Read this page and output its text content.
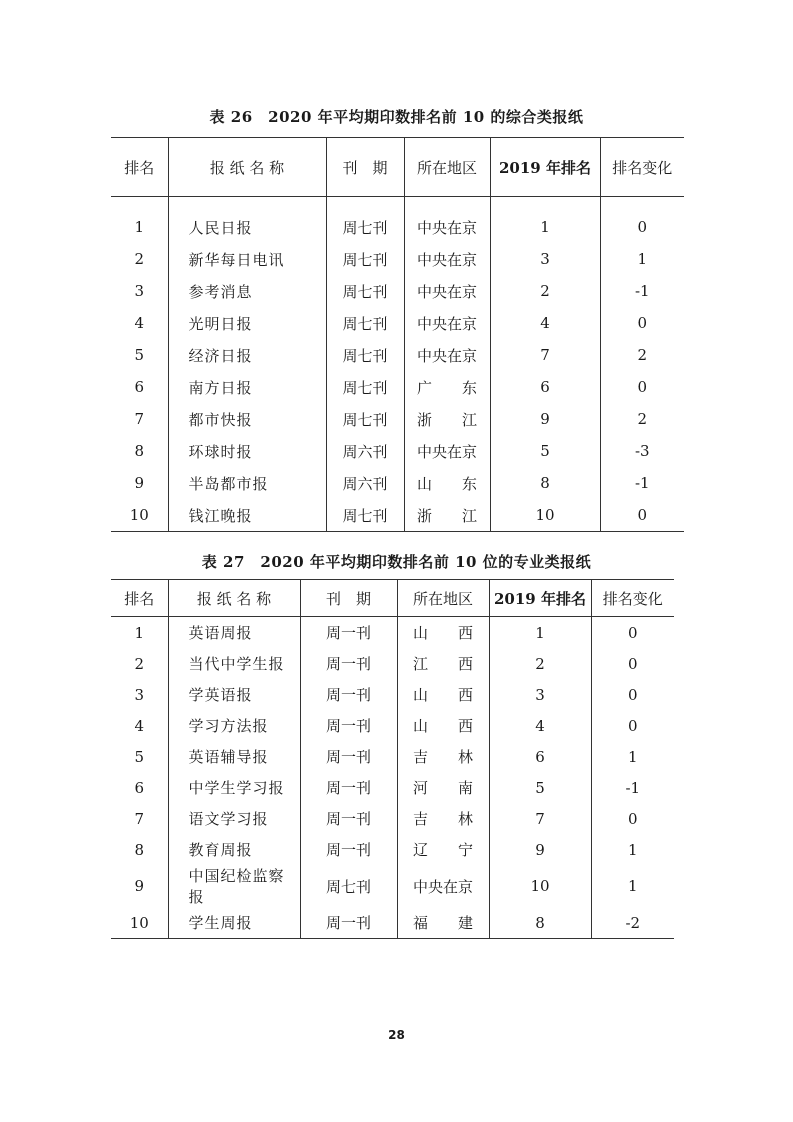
表 26　2020 年平均期印数排名前 10 的综合类报纸
排名	报 纸 名 称	刊　期	所在地区	2019 年排名	排名变化

1	人民日报	周七刊	中央在京	1	0
2	新华每日电讯	周七刊	中央在京	3	1
3	参考消息	周七刊	中央在京	2	-1
4	光明日报	周七刊	中央在京	4	0
5	经济日报	周七刊	中央在京	7	2
6	南方日报	周七刊	广　　东	6	0
7	都市快报	周七刊	浙　　江	9	2
8	环球时报	周六刊	中央在京	5	-3
9	半岛都市报	周六刊	山　　东	8	-1
10	钱江晚报	周七刊	浙　　江	10	0
表 27　2020 年平均期印数排名前 10 位的专业类报纸
排名	报 纸 名 称	刊　期	所在地区	2019 年排名	排名变化
1	英语周报	周一刊	山　　西	1	0
2	当代中学生报	周一刊	江　　西	2	0
3	学英语报	周一刊	山　　西	3	0
4	学习方法报	周一刊	山　　西	4	0
5	英语辅导报	周一刊	吉　　林	6	1
6	中学生学习报	周一刊	河　　南	5	-1
7	语文学习报	周一刊	吉　　林	7	0
8	教育周报	周一刊	辽　　宁	9	1
9	中国纪检监察报	周七刊	中央在京	10	1
10	学生周报	周一刊	福　　建	8	-2
28
